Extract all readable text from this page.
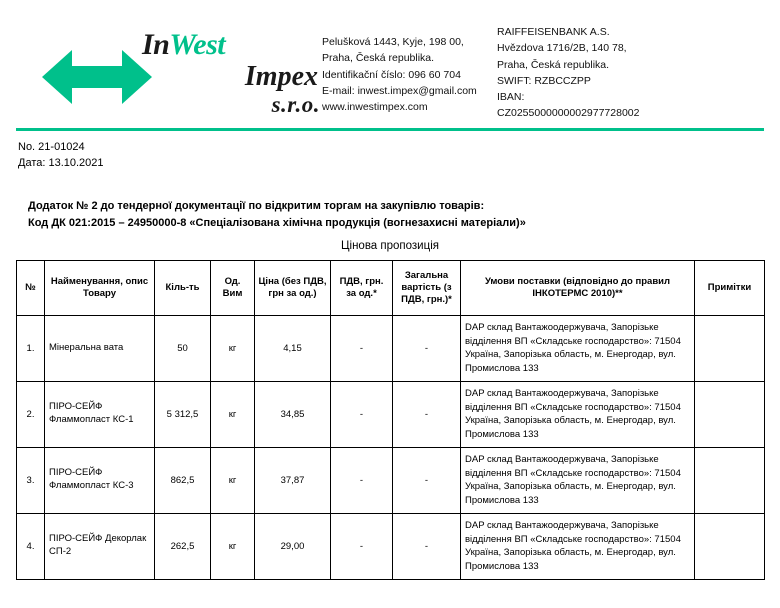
InWest
Impex
s.r.o.
Pelušková 1443, Kyje, 198 00,
Praha, Česká republika.
Identifikační číslo: 096 60 704
E-mail: inwest.impex@gmail.com
www.inwestimpex.com
RAIFFEISENBANK A.S.
Hvězdova 1716/2B, 140 78,
Praha, Česká republika.
SWIFT: RZBCCZPP
IBAN:
CZ0255000000002977728002
No. 21-01024
Дата: 13.10.2021
Додаток № 2 до тендерної документації по відкритим торгам на закупівлю товарів:
Код ДК 021:2015 – 24950000-8 «Спеціалізована хімічна продукція (вогнезахисні матеріали)»
Цінова пропозиція
№	Найменування, опис Товару	Кіль-ть	Од. Вим	Ціна (без ПДВ, грн за од.)	ПДВ, грн. за од.*	Загальна вартість (з ПДВ, грн.)*	Умови поставки (відповідно до правил ІНКОТЕРМС 2010)**	Примітки
1.	Мінеральна вата	50	кг	4,15	-	-	DAP склад Вантажоодержувача, Запорізьке
відділення ВП «Складське господарство»: 71504
Україна, Запорізька область, м. Енергодар, вул.
Промислова 133	

2.	ПІРО-СЕЙФ Фламмопласт КС-1	5 312,5	кг	34,85	-	-	DAP склад Вантажоодержувача, Запорізьке
відділення ВП «Складське господарство»: 71504
Україна, Запорізька область, м. Енергодар, вул.
Промислова 133	

3.	ПІРО-СЕЙФ Фламмопласт КС-3	862,5	кг	37,87	-	-	DAP склад Вантажоодержувача, Запорізьке
відділення ВП «Складське господарство»: 71504
Україна, Запорізька область, м. Енергодар, вул.
Промислова 133	

4.	ПІРО-СЕЙФ Декорлак СП-2	262,5	кг	29,00	-	-	DAP склад Вантажоодержувача, Запорізьке
відділення ВП «Складське господарство»: 71504
Україна, Запорізька область, м. Енергодар, вул.
Промислова 133	
